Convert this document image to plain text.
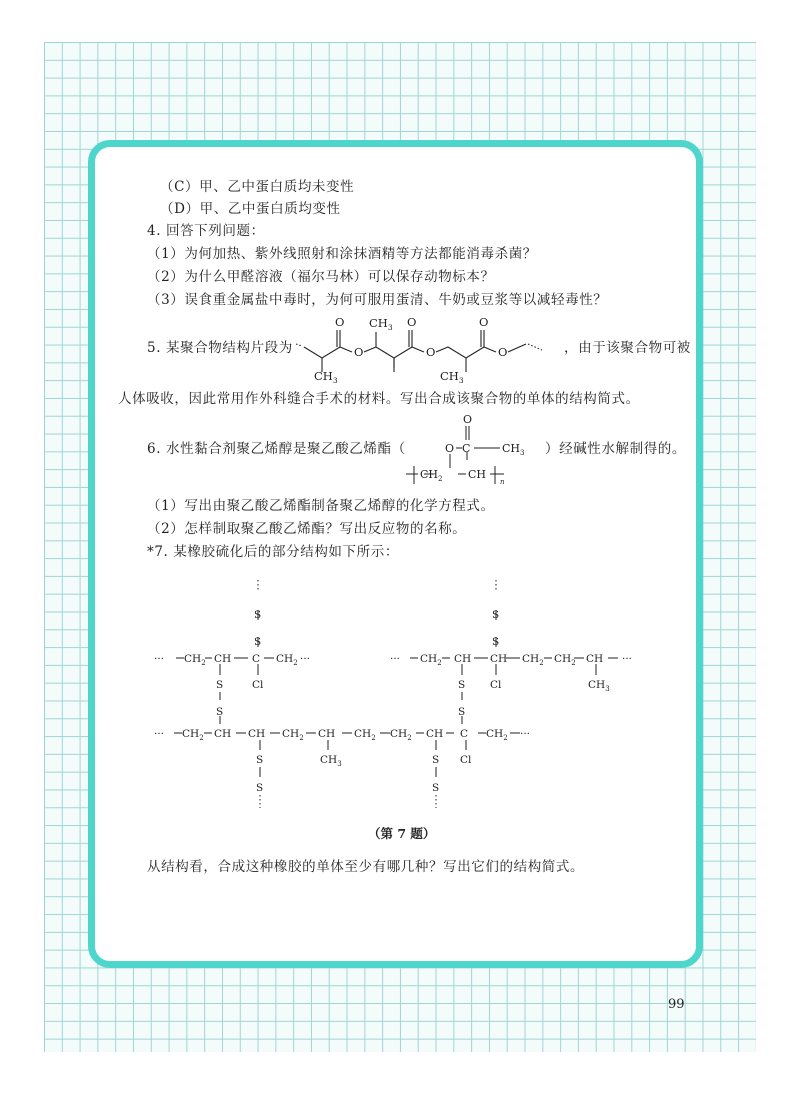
（C）甲、乙中蛋白质均未变性
（D）甲、乙中蛋白质均变性
4. 回答下列问题：
（1）为何加热、紫外线照射和涂抹酒精等方法都能消毒杀菌？
（2）为什么甲醛溶液（福尔马林）可以保存动物标本？
（3）误食重金属盐中毒时，为何可服用蛋清、牛奶或豆浆等以减轻毒性？
5. 某聚合物结构片段为
O
O
$CH_3$
$CH_3$
O
O
$CH_3$
O
O	，由于该聚合物可被
人体吸收，因此常用作外科缝合手术的材料。写出合成该聚合物的单体的结构简式。
6. 水性黏合剂聚乙烯醇是聚乙酸乙烯酯（
O
O C	$CH_3$
$CH_2$ CH
n
）经碱性水解制得的。
（1）写出由聚乙酸乙烯酯制备聚乙烯醇的化学方程式。
（2）怎样制取聚乙酸乙烯酯？写出反应物的名称。
*7. 某橡胶硫化后的部分结构如下所示：
S
S
··· $CH_2$ CH C $CH_2$ ···
Cl
S
S
S
S
··· $CH_2$ CH CH $CH_2$ $CH_2$ CH ···
S
S
Cl	$CH_3$
··· $CH_2$ CH CH $CH_2$ CH $CH_2$ $CH_2$ CH C $CH_2$ ···
$CH_3$	Cl
S
S
S
S
（第 7 题）
从结构看，合成这种橡胶的单体至少有哪几种？写出它们的结构简式。
99
